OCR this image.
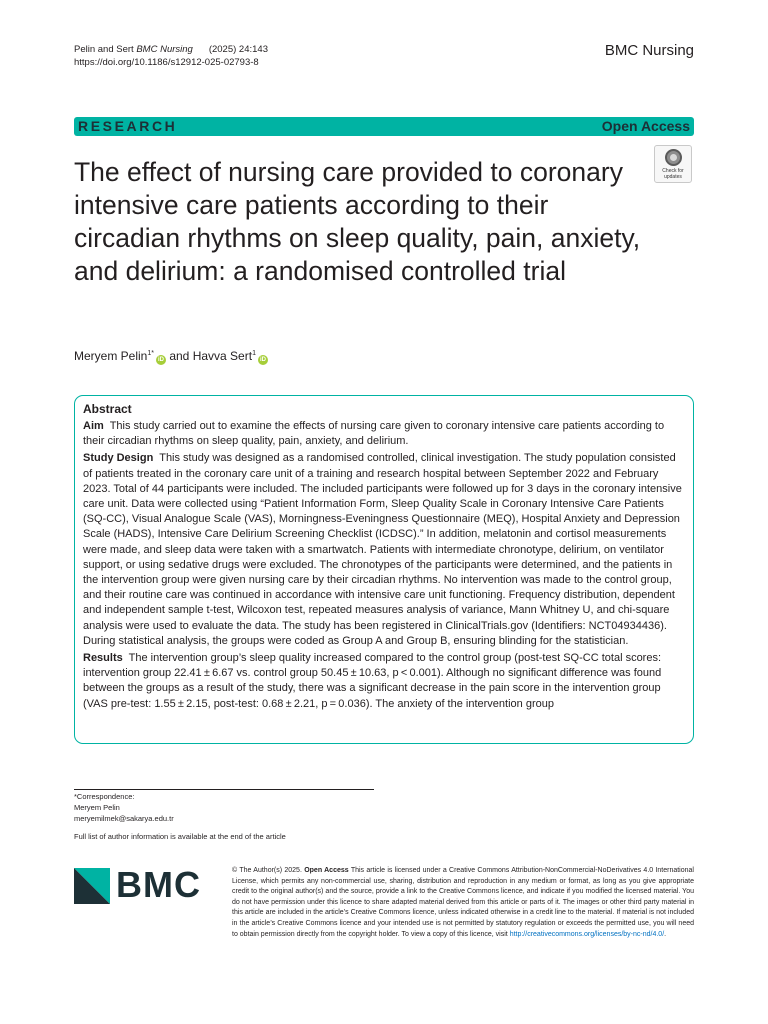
Pelin and Sert BMC Nursing (2025) 24:143
https://doi.org/10.1186/s12912-025-02793-8
BMC Nursing
RESEARCH	Open Access
Check for
updates
The effect of nursing care provided to coronary intensive care patients according to their circadian rhythms on sleep quality, pain, anxiety, and delirium: a randomised controlled trial
Meryem Pelin$^{1*}$iD and Havva Sert$^1$iD
Abstract

Aim This study carried out to examine the effects of nursing care given to coronary intensive care patients according to their circadian rhythms on sleep quality, pain, anxiety, and delirium.

Study Design This study was designed as a randomised controlled, clinical investigation. The study population consisted of patients treated in the coronary care unit of a training and research hospital between September 2022 and February 2023. Total of 44 participants were included. The included participants were followed up for 3 days in the coronary intensive care unit. Data were collected using “Patient Information Form, Sleep Quality Scale in Coronary Intensive Care Patients (SQ-CC), Visual Analogue Scale (VAS), Morningness-Eveningness Questionnaire (MEQ), Hospital Anxiety and Depression Scale (HADS), Intensive Care Delirium Screening Checklist (ICDSC).” In addition, melatonin and cortisol measurements were made, and sleep data were taken with a smartwatch. Patients with intermediate chronotype, delirium, on ventilator support, or using sedative drugs were excluded. The chronotypes of the participants were determined, and the patients in the intervention group were given nursing care by their circadian rhythms. No intervention was made to the control group, and their routine care was continued in accordance with intensive care unit functioning. Frequency distribution, dependent and independent sample t-test, Wilcoxon test, repeated measures analysis of variance, Mann Whitney U, and chi-square analysis were used to evaluate the data. The study has been registered in ClinicalTrials.gov (Identifiers: NCT04934436). During statistical analysis, the groups were coded as Group A and Group B, ensuring blinding for the statistician.

Results The intervention group’s sleep quality increased compared to the control group (post-test SQ-CC total scores: intervention group 22.41 ± 6.67 vs. control group 50.45 ± 10.63, p < 0.001). Although no significant difference was found between the groups as a result of the study, there was a significant decrease in the pain score in the intervention group (VAS pre-test: 1.55 ± 2.15, post-test: 0.68 ± 2.21, p = 0.036). The anxiety of the intervention group

*Correspondence:
Meryem Pelin
meryemilmek@sakarya.edu.tr
Full list of author information is available at the end of the article
BMC	© The Author(s) 2025. Open Access This article is licensed under a Creative Commons Attribution-NonCommercial-NoDerivatives 4.0 International License, which permits any non-commercial use, sharing, distribution and reproduction in any medium or format, as long as you give appropriate credit to the original author(s) and the source, provide a link to the Creative Commons licence, and indicate if you modified the licensed material. You do not have permission under this licence to share adapted material derived from this article or parts of it. The images or other third party material in this article are included in the article’s Creative Commons licence, unless indicated otherwise in a credit line to the material. If material is not included in the article’s Creative Commons licence and your intended use is not permitted by statutory regulation or exceeds the permitted use, you will need to obtain permission directly from the copyright holder. To view a copy of this licence, visit http://creativecommons.org/licenses/by-nc-nd/4.0/.
